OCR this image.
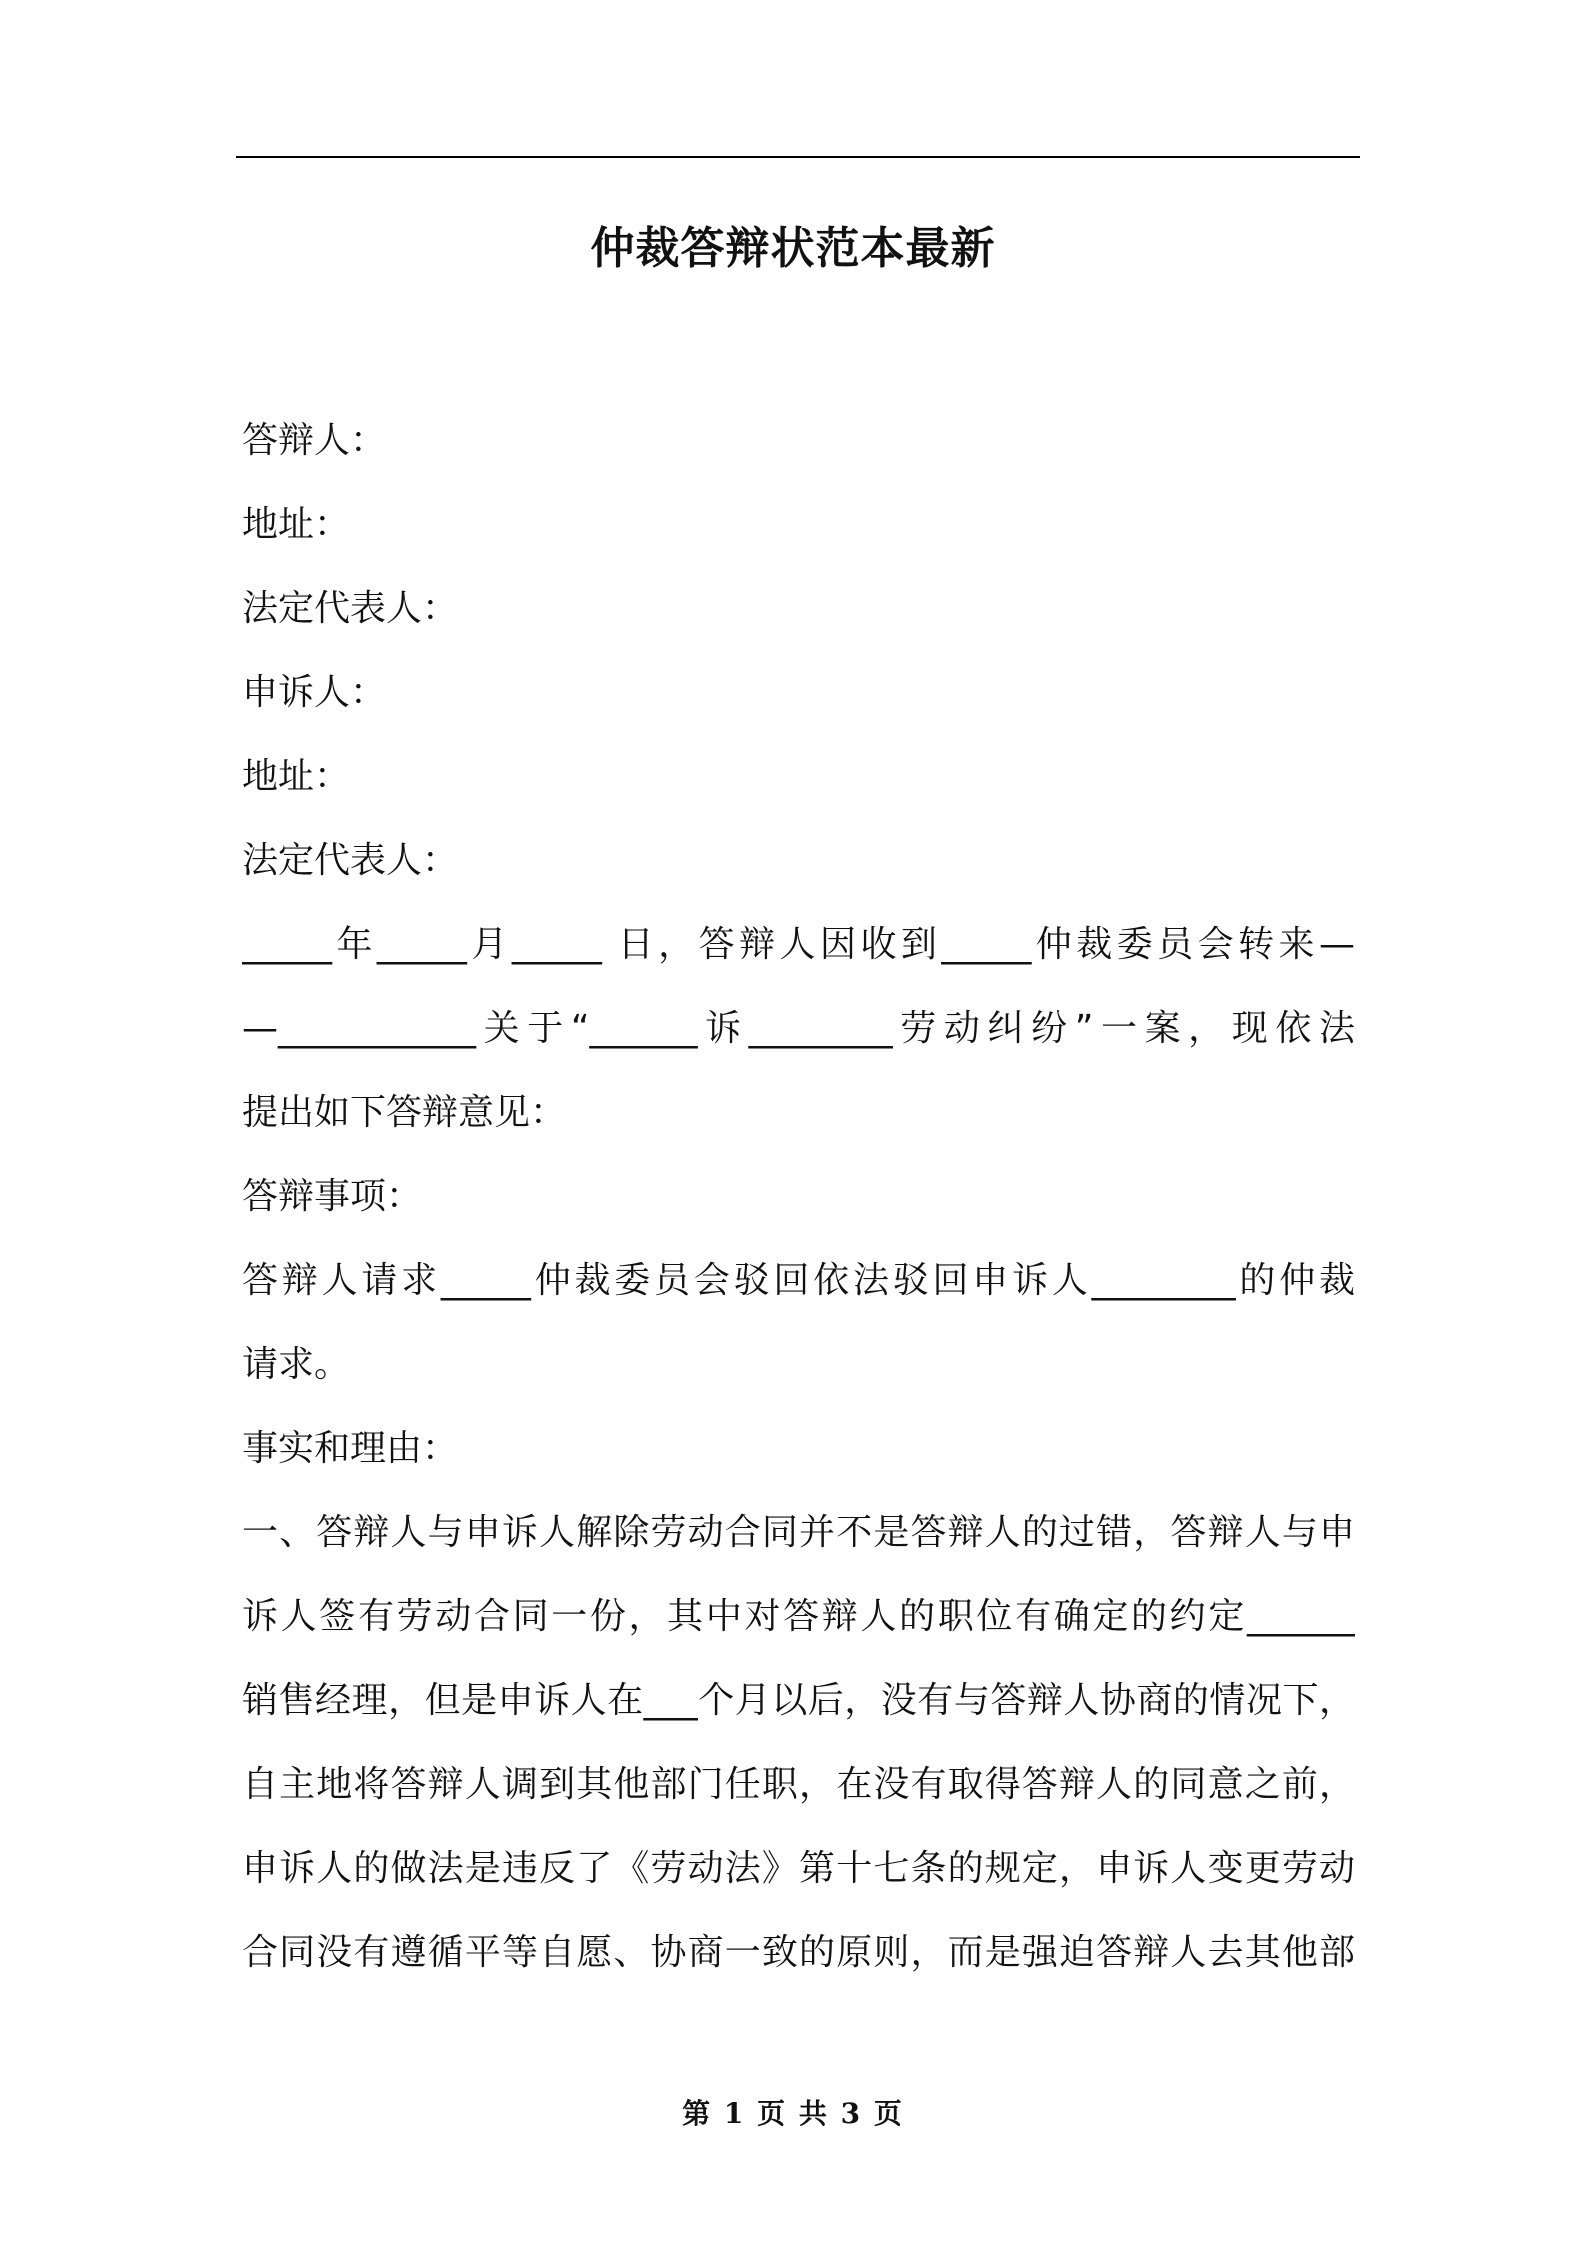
仲裁答辩状范本最新
答辩人：
地址：
法定代表人：
申诉人：
地址：
法定代表人：
_____年_____月_____ 日，答辩人因收到_____仲裁委员会转来—
—___________关于“______诉________劳动纠纷”一案，现依法
提出如下答辩意见：
答辩事项：
答辩人请求_____仲裁委员会驳回依法驳回申诉人________的仲裁
请求。
事实和理由：
一、答辩人与申诉人解除劳动合同并不是答辩人的过错，答辩人与申
诉人签有劳动合同一份，其中对答辩人的职位有确定的约定______
销售经理，但是申诉人在___个月以后，没有与答辩人协商的情况下，
自主地将答辩人调到其他部门任职，在没有取得答辩人的同意之前，
申诉人的做法是违反了《劳动法》第十七条的规定，申诉人变更劳动
合同没有遵循平等自愿、协商一致的原则，而是强迫答辩人去其他部
第 1 页 共 3 页
